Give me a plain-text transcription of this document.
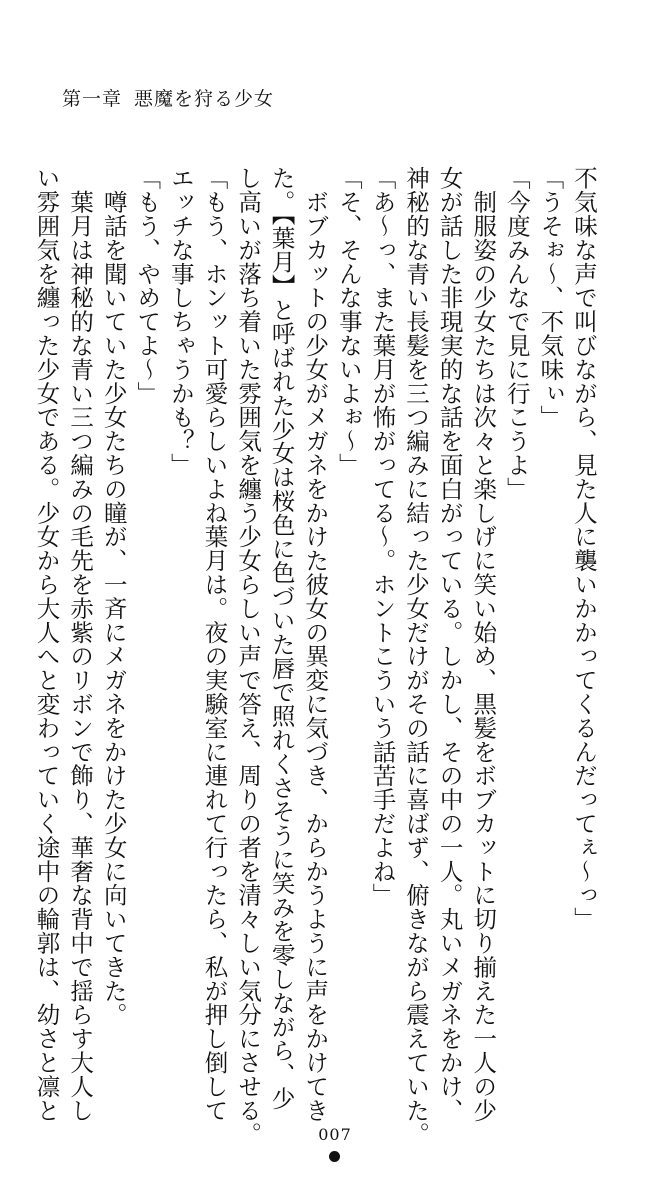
第一章 悪魔を狩る少女

不気味な声で叫びながら、見た人に襲いかかってくるんだってぇ～っ」

「うそぉ～、不気味ぃ」

「今度みんなで見に行こうよ」

　制服姿の少女たちは次々と楽しげに笑い始め、黒髪をボブカットに切り揃えた一人の少

女が話した非現実的な話を面白がっている。しかし、その中の一人。丸いメガネをかけ、

神秘的な青い長髪を三つ編みに結った少女だけがその話に喜ばず、俯きながら震えていた。

「あ～っ、また葉月が怖がってる～。ホントこういう話苦手だよね」

「そ、そんな事ないよぉ～」

　ボブカットの少女がメガネをかけた彼女の異変に気づき、からかうように声をかけてき

た。【葉月】と呼ばれた少女は桜色に色づいた唇で照れくさそうに笑みを零しながら、少

し高いが落ち着いた雰囲気を纏う少女らしい声で答え、周りの者を清々しい気分にさせる。

「もう、ホンット可愛らしいよね葉月は。夜の実験室に連れて行ったら、私が押し倒して

エッチな事しちゃうかも？」

「もう、やめてよ～」

　噂話を聞いていた少女たちの瞳が、一斉にメガネをかけた少女に向いてきた。

　葉月は神秘的な青い三つ編みの毛先を赤紫のリボンで飾り、華奢な背中で揺らす大人し

い雰囲気を纏った少女である。少女から大人へと変わっていく途中の輪郭は、幼さと凛と

007
